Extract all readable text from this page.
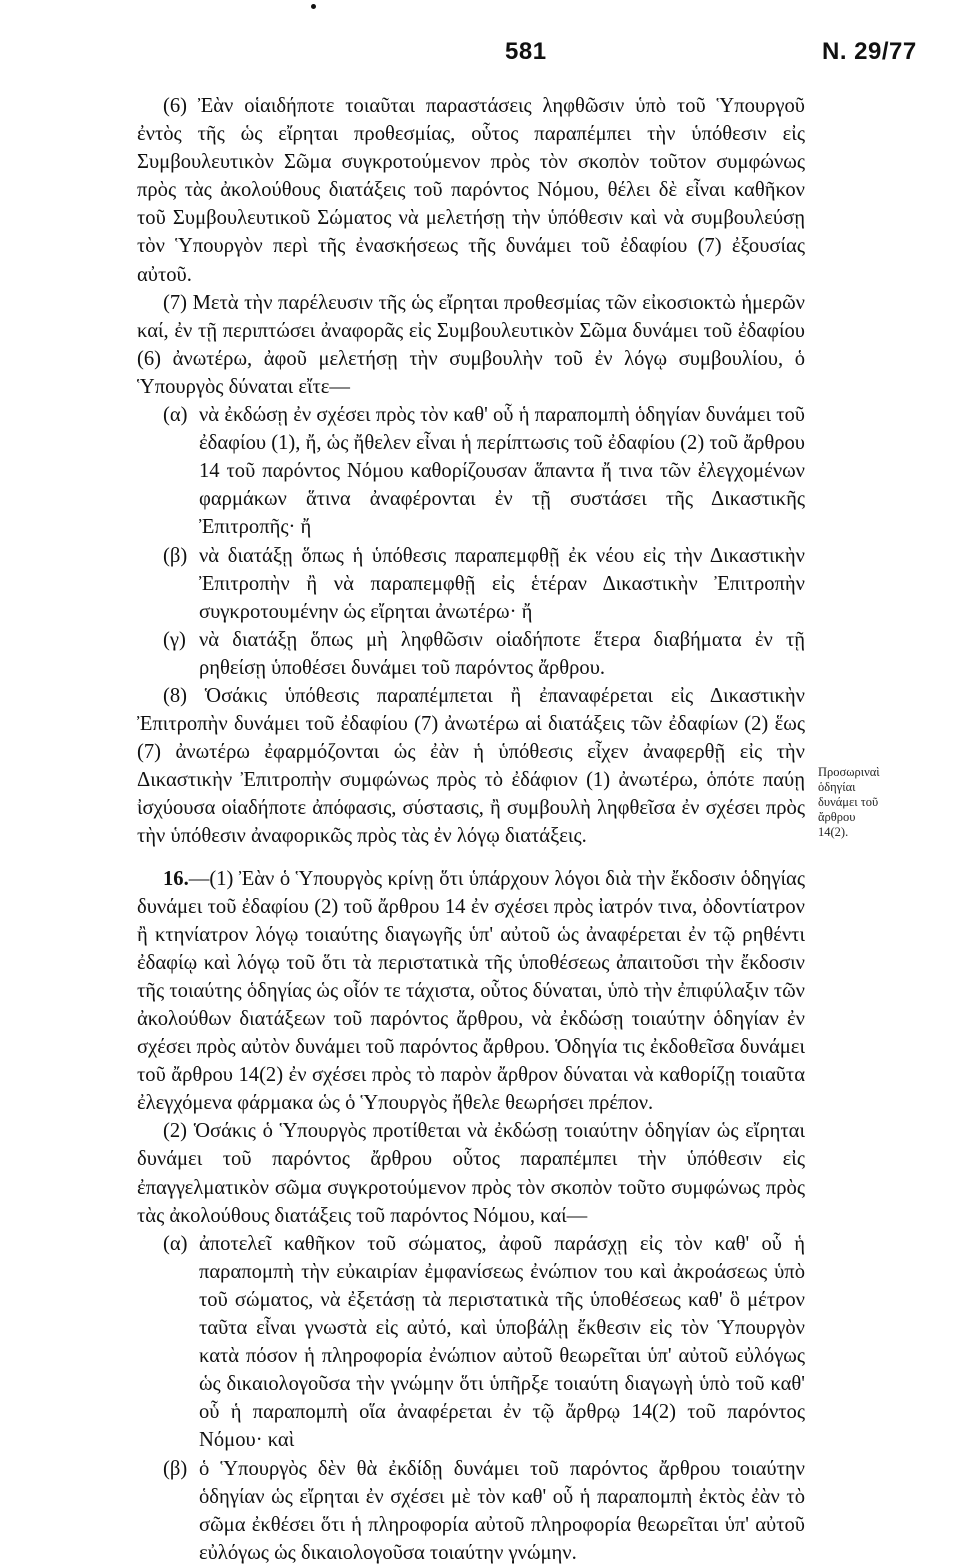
581	Ν. 29/77

(6) Ἐὰν οἱαιδήποτε τοιαῦται παραστάσεις ληφθῶσιν ὑπὸ τοῦ Ὑπουργοῦ ἐντὸς τῆς ὡς εἴρηται προθεσμίας, οὗτος παραπέμπει τὴν ὑπόθεσιν εἰς Συμβουλευτικὸν Σῶμα συγκροτούμενον πρὸς τὸν σκοπὸν τοῦτον συμφώνως πρὸς τὰς ἀκολούθους διατάξεις τοῦ παρόντος Νόμου, θέλει δὲ εἶναι καθῆκον τοῦ Συμβουλευτικοῦ Σώματος νὰ μελετήσῃ τὴν ὑπόθεσιν καὶ νὰ συμβουλεύσῃ τὸν Ὑπουργὸν περὶ τῆς ἐνασκήσεως τῆς δυνάμει τοῦ ἐδαφίου (7) ἐξουσίας αὐτοῦ.

(7) Μετὰ τὴν παρέλευσιν τῆς ὡς εἴρηται προθεσμίας τῶν εἰκοσιοκτὼ ἡμερῶν καί, ἐν τῇ περιπτώσει ἀναφορᾶς εἰς Συμβουλευτικὸν Σῶμα δυνάμει τοῦ ἐδαφίου (6) ἀνωτέρω, ἀφοῦ μελετήσῃ τὴν συμβουλὴν τοῦ ἐν λόγῳ συμβουλίου, ὁ Ὑπουργὸς δύναται εἴτε—

(α) νὰ ἐκδώσῃ ἐν σχέσει πρὸς τὸν καθ' οὗ ἡ παραπομπὴ ὁδηγίαν δυνάμει τοῦ ἐδαφίου (1), ἤ, ὡς ἤθελεν εἶναι ἡ περίπτωσις τοῦ ἐδαφίου (2) τοῦ ἄρθρου 14 τοῦ παρόντος Νόμου καθορίζουσαν ἅπαντα ἤ τινα τῶν ἐλεγχομένων φαρμάκων ἅτινα ἀναφέρονται ἐν τῇ συστάσει τῆς Δικαστικῆς Ἐπιτροπῆς· ἤ
(β) νὰ διατάξῃ ὅπως ἡ ὑπόθεσις παραπεμφθῇ ἐκ νέου εἰς τὴν Δικαστικὴν Ἐπιτροπὴν ἢ νὰ παραπεμφθῇ εἰς ἑτέραν Δικαστικὴν Ἐπιτροπὴν συγκροτουμένην ὡς εἴρηται ἀνωτέρω· ἤ
(γ) νὰ διατάξῃ ὅπως μὴ ληφθῶσιν οἱαδήποτε ἕτερα διαβήματα ἐν τῇ ρηθείσῃ ὑποθέσει δυνάμει τοῦ παρόντος ἄρθρου.

(8) Ὁσάκις ὑπόθεσις παραπέμπεται ἢ ἐπαναφέρεται εἰς Δικαστικὴν Ἐπιτροπὴν δυνάμει τοῦ ἐδαφίου (7) ἀνωτέρω αἱ διατάξεις τῶν ἐδαφίων (2) ἕως (7) ἀνωτέρω ἐφαρμόζονται ὡς ἐὰν ἡ ὑπόθεσις εἶχεν ἀναφερθῇ εἰς τὴν Δικαστικὴν Ἐπιτροπὴν συμφώνως πρὸς τὸ ἐδάφιον (1) ἀνωτέρω, ὁπότε παύῃ ἰσχύουσα οἱαδήποτε ἀπόφασις, σύστασις, ἢ συμβουλὴ ληφθεῖσα ἐν σχέσει πρὸς τὴν ὑπόθεσιν ἀναφορικῶς πρὸς τὰς ἐν λόγῳ διατάξεις.

16.—(1) Ἐὰν ὁ Ὑπουργὸς κρίνῃ ὅτι ὑπάρχουν λόγοι διὰ τὴν ἔκδοσιν ὁδηγίας δυνάμει τοῦ ἐδαφίου (2) τοῦ ἄρθρου 14 ἐν σχέσει πρὸς ἰατρόν τινα, ὀδοντίατρον ἢ κτηνίατρον λόγῳ τοιαύτης διαγωγῆς ὑπ' αὐτοῦ ὡς ἀναφέρεται ἐν τῷ ρηθέντι ἐδαφίῳ καὶ λόγῳ τοῦ ὅτι τὰ περιστατικὰ τῆς ὑποθέσεως ἀπαιτοῦσι τὴν ἔκδοσιν τῆς τοιαύτης ὁδηγίας ὡς οἷόν τε τάχιστα, οὗτος δύναται, ὑπὸ τὴν ἐπιφύλαξιν τῶν ἀκολούθων διατάξεων τοῦ παρόντος ἄρθρου, νὰ ἐκδώσῃ τοιαύτην ὁδηγίαν ἐν σχέσει πρὸς αὐτὸν δυνάμει τοῦ παρόντος ἄρθρου. Ὁδηγία τις ἐκδοθεῖσα δυνάμει τοῦ ἄρθρου 14(2) ἐν σχέσει πρὸς τὸ παρὸν ἄρθρον δύναται νὰ καθορίζῃ τοιαῦτα ἐλεγχόμενα φάρμακα ὡς ὁ Ὑπουργὸς ἤθελε θεωρήσει πρέπον.

(2) Ὁσάκις ὁ Ὑπουργὸς προτίθεται νὰ ἐκδώσῃ τοιαύτην ὁδηγίαν ὡς εἴρηται δυνάμει τοῦ παρόντος ἄρθρου οὗτος παραπέμπει τὴν ὑπόθεσιν εἰς ἐπαγγελματικὸν σῶμα συγκροτούμενον πρὸς τὸν σκοπὸν τοῦτο συμφώνως πρὸς τὰς ἀκολούθους διατάξεις τοῦ παρόντος Νόμου, καί—

(α) ἀποτελεῖ καθῆκον τοῦ σώματος, ἀφοῦ παράσχῃ εἰς τὸν καθ' οὗ ἡ παραπομπὴ τὴν εὐκαιρίαν ἐμφανίσεως ἐνώπιον του καὶ ἀκροάσεως ὑπὸ τοῦ σώματος, νὰ ἐξετάσῃ τὰ περιστατικὰ τῆς ὑποθέσεως καθ' ὃ μέτρον ταῦτα εἶναι γνωστὰ εἰς αὐτό, καὶ ὑποβάλῃ ἔκθεσιν εἰς τὸν Ὑπουργὸν κατὰ πόσον ἡ πληροφορία ἐνώπιον αὐτοῦ θεωρεῖται ὑπ' αὐτοῦ εὐλόγως ὡς δικαιολογοῦσα τὴν γνώμην ὅτι ὑπῆρξε τοιαύτη διαγωγὴ ὑπὸ τοῦ καθ' οὗ ἡ παραπομπὴ οἵα ἀναφέρεται ἐν τῷ ἄρθρῳ 14(2) τοῦ παρόντος Νόμου· καὶ
(β) ὁ Ὑπουργὸς δὲν θὰ ἐκδίδῃ δυνάμει τοῦ παρόντος ἄρθρου τοιαύτην ὁδηγίαν ὡς εἴρηται ἐν σχέσει μὲ τὸν καθ' οὗ ἡ παραπομπὴ ἐκτὸς ἐὰν τὸ σῶμα ἐκθέσει ὅτι ἡ πληροφορία αὐτοῦ πληροφορία θεωρεῖται ὑπ' αὐτοῦ εὐλόγως ὡς δικαιολογοῦσα τοιαύτην γνώμην.
Προσωριναὶ
ὁδηγίαι
δυνάμει τοῦ
ἄρθρου
14(2).
